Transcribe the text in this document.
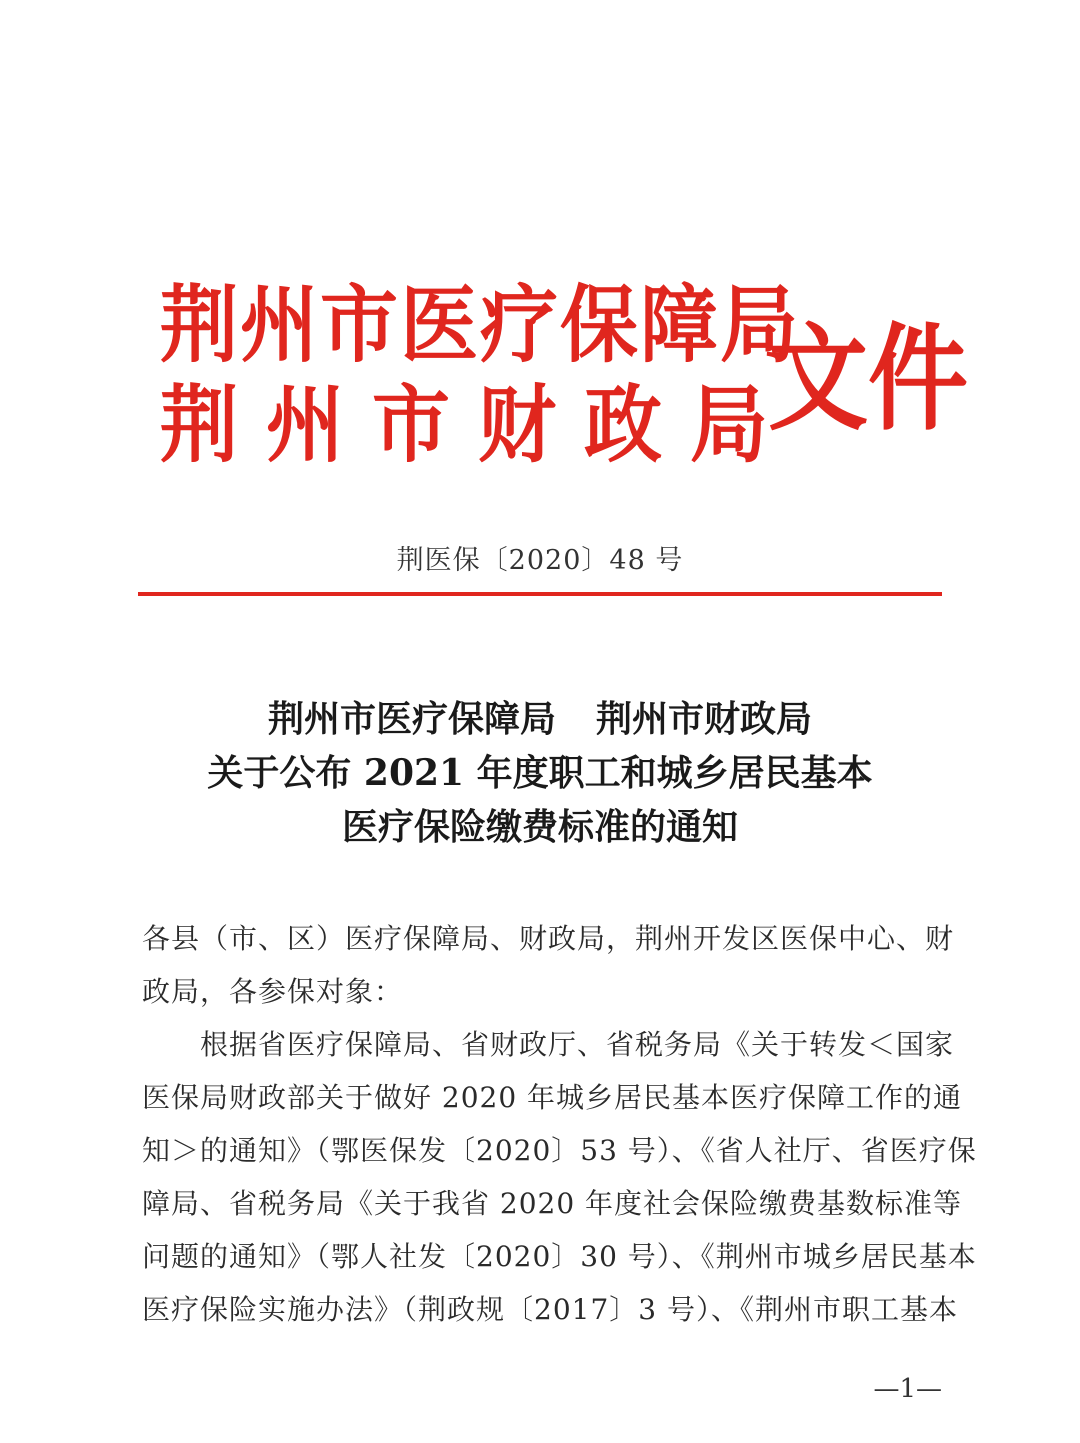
荆州市医疗保障局
荆州市财政局
文件
荆医保〔2020〕48 号
荆州市医疗保障局 荆州市财政局
关于公布 2021 年度职工和城乡居民基本
医疗保险缴费标准的通知
各县（市、区）医疗保障局、财政局，荆州开发区医保中心、财
政局，各参保对象：
根据省医疗保障局、省财政厅、省税务局《关于转发＜国家
医保局财政部关于做好 2020 年城乡居民基本医疗保障工作的通
知＞的通知》（鄂医保发〔2020〕53 号）、《省人社厅、省医疗保
障局、省税务局《关于我省 2020 年度社会保险缴费基数标准等
问题的通知》（鄂人社发〔2020〕30 号）、《荆州市城乡居民基本
医疗保险实施办法》（荆政规〔2017〕3 号）、《荆州市职工基本
—1—
